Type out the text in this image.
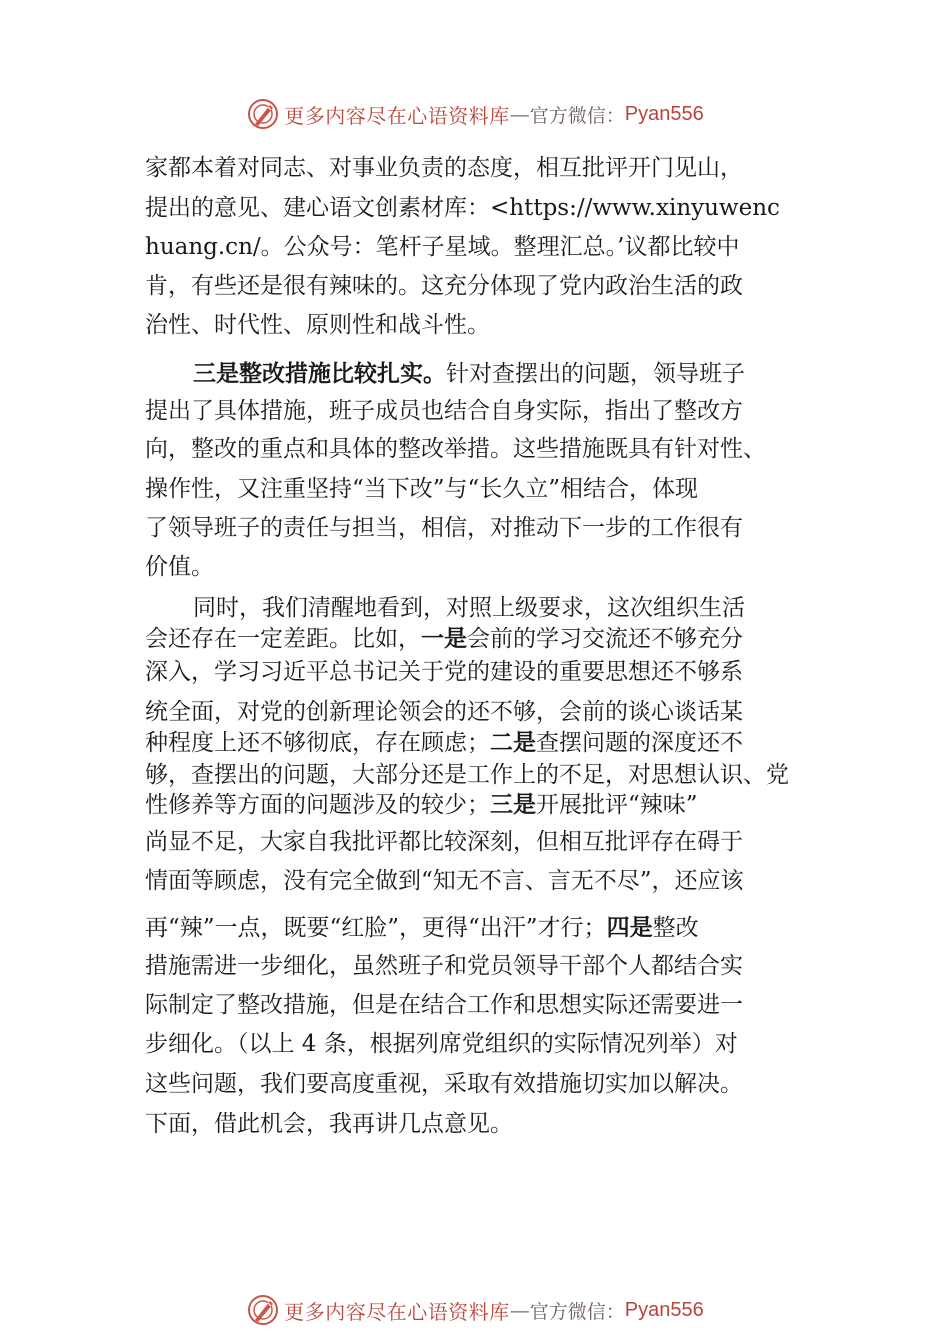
更多内容尽在心语资料库 — 官方微信： Pyan556
家都本着对同志、对事业负责的态度，相互批评开门见山，
提出的意见、建心语文创素材库：<https://www.xinyuwenc
huang.cn/。公众号：笔杆子星域。整理汇总。’议都比较中
肯，有些还是很有辣味的。这充分体现了党内政治生活的政
治性、时代性、原则性和战斗性。
三是整改措施比较扎实。针对查摆出的问题，领导班子
提出了具体措施，班子成员也结合自身实际，指出了整改方
向，整改的重点和具体的整改举措。这些措施既具有针对性、
操作性，又注重坚持“当下改”与“长久立”相结合，体现
了领导班子的责任与担当，相信，对推动下一步的工作很有
价值。
同时，我们清醒地看到，对照上级要求，这次组织生活
会还存在一定差距。比如，一是会前的学习交流还不够充分
深入，学习习近平总书记关于党的建设的重要思想还不够系
统全面，对党的创新理论领会的还不够，会前的谈心谈话某
种程度上还不够彻底，存在顾虑；二是查摆问题的深度还不
够，查摆出的问题，大部分还是工作上的不足，对思想认识、党
性修养等方面的问题涉及的较少；三是开展批评“辣味”
尚显不足，大家自我批评都比较深刻，但相互批评存在碍于
情面等顾虑，没有完全做到“知无不言、言无不尽”，还应该
再“辣”一点，既要“红脸”，更得“出汗”才行；四是整改
措施需进一步细化，虽然班子和党员领导干部个人都结合实
际制定了整改措施，但是在结合工作和思想实际还需要进一
步细化。（以上 4 条，根据列席党组织的实际情况列举）对
这些问题，我们要高度重视，采取有效措施切实加以解决。
下面，借此机会，我再讲几点意见。
更多内容尽在心语资料库 — 官方微信： Pyan556
